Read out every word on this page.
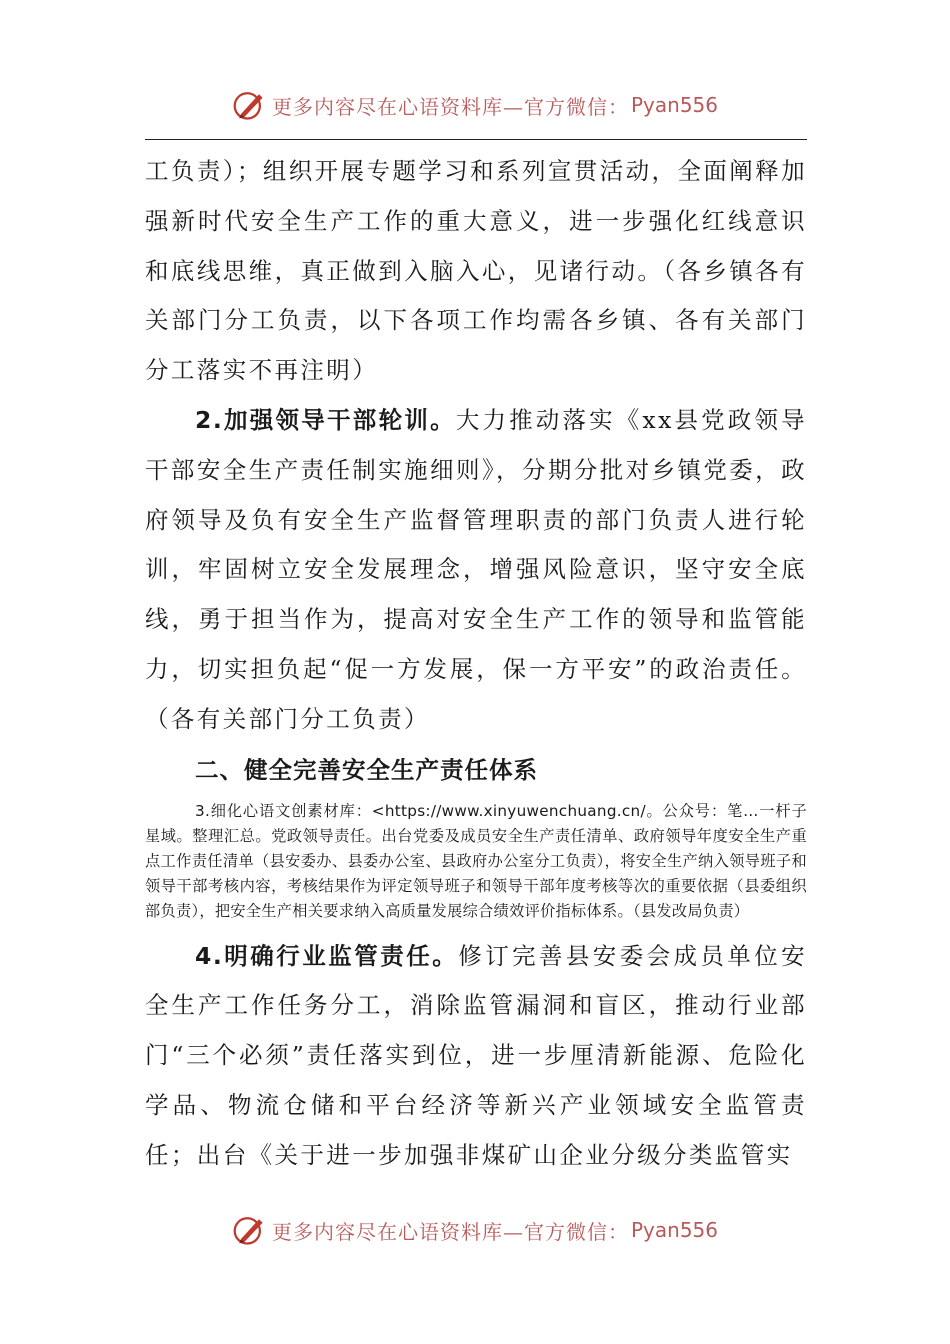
更多内容尽在心语资料库—官方微信： Pyan556

工负责）；组织开展专题学习和系列宣贯活动，全面阐释加强新时代安全生产工作的重大意义，进一步强化红线意识和底线思维，真正做到入脑入心，见诸行动。（各乡镇各有关部门分工负责，以下各项工作均需各乡镇、各有关部门分工落实不再注明）

2.加强领导干部轮训。大力推动落实《xx县党政领导干部安全生产责任制实施细则》，分期分批对乡镇党委，政府领导及负有安全生产监督管理职责的部门负责人进行轮训，牢固树立安全发展理念，增强风险意识，坚守安全底线，勇于担当作为，提高对安全生产工作的领导和监管能力，切实担负起“促一方发展，保一方平安”的政治责任。（各有关部门分工负责）

二、健全完善安全生产责任体系

3.细化心语文创素材库：<https://www.xinyuwenchuang.cn/。公众号：笔…一杆子星域。整理汇总。党政领导责任。出台党委及成员安全生产责任清单、政府领导年度安全生产重点工作责任清单（县安委办、县委办公室、县政府办公室分工负责），将安全生产纳入领导班子和领导干部考核内容，考核结果作为评定领导班子和领导干部年度考核等次的重要依据（县委组织部负责），把安全生产相关要求纳入高质量发展综合绩效评价指标体系。（县发改局负责）

4.明确行业监管责任。修订完善县安委会成员单位安全生产工作任务分工，消除监管漏洞和盲区，推动行业部门“三个必须”责任落实到位，进一步厘清新能源、危险化学品、物流仓储和平台经济等新兴产业领域安全监管责任；出台《关于进一步加强非煤矿山企业分级分类监管实

更多内容尽在心语资料库—官方微信： Pyan556
